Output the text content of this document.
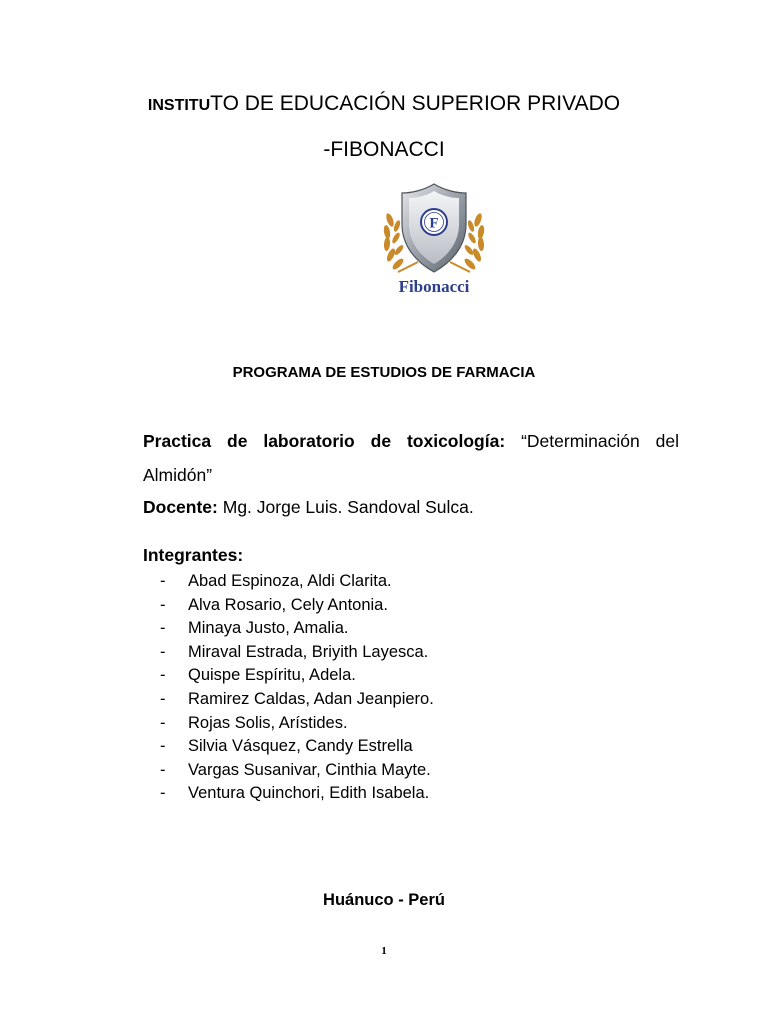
INSTITUTO DE EDUCACIÓN SUPERIOR PRIVADO
-FIBONACCI
F
Fibonacci
PROGRAMA DE ESTUDIOS DE FARMACIA
Practica de laboratorio de toxicología: “Determinación del Almidón”
Docente: Mg. Jorge Luis. Sandoval Sulca.
Integrantes:
- Abad Espinoza, Aldi Clarita.
- Alva Rosario, Cely Antonia.
- Minaya Justo, Amalia.
- Miraval Estrada, Briyith Layesca.
- Quispe Espíritu, Adela.
- Ramirez Caldas, Adan Jeanpiero.
- Rojas Solis, Arístides.
- Silvia Vásquez, Candy Estrella
- Vargas Susanivar, Cinthia Mayte.
- Ventura Quinchori, Edith Isabela.
Huánuco - Perú
1
